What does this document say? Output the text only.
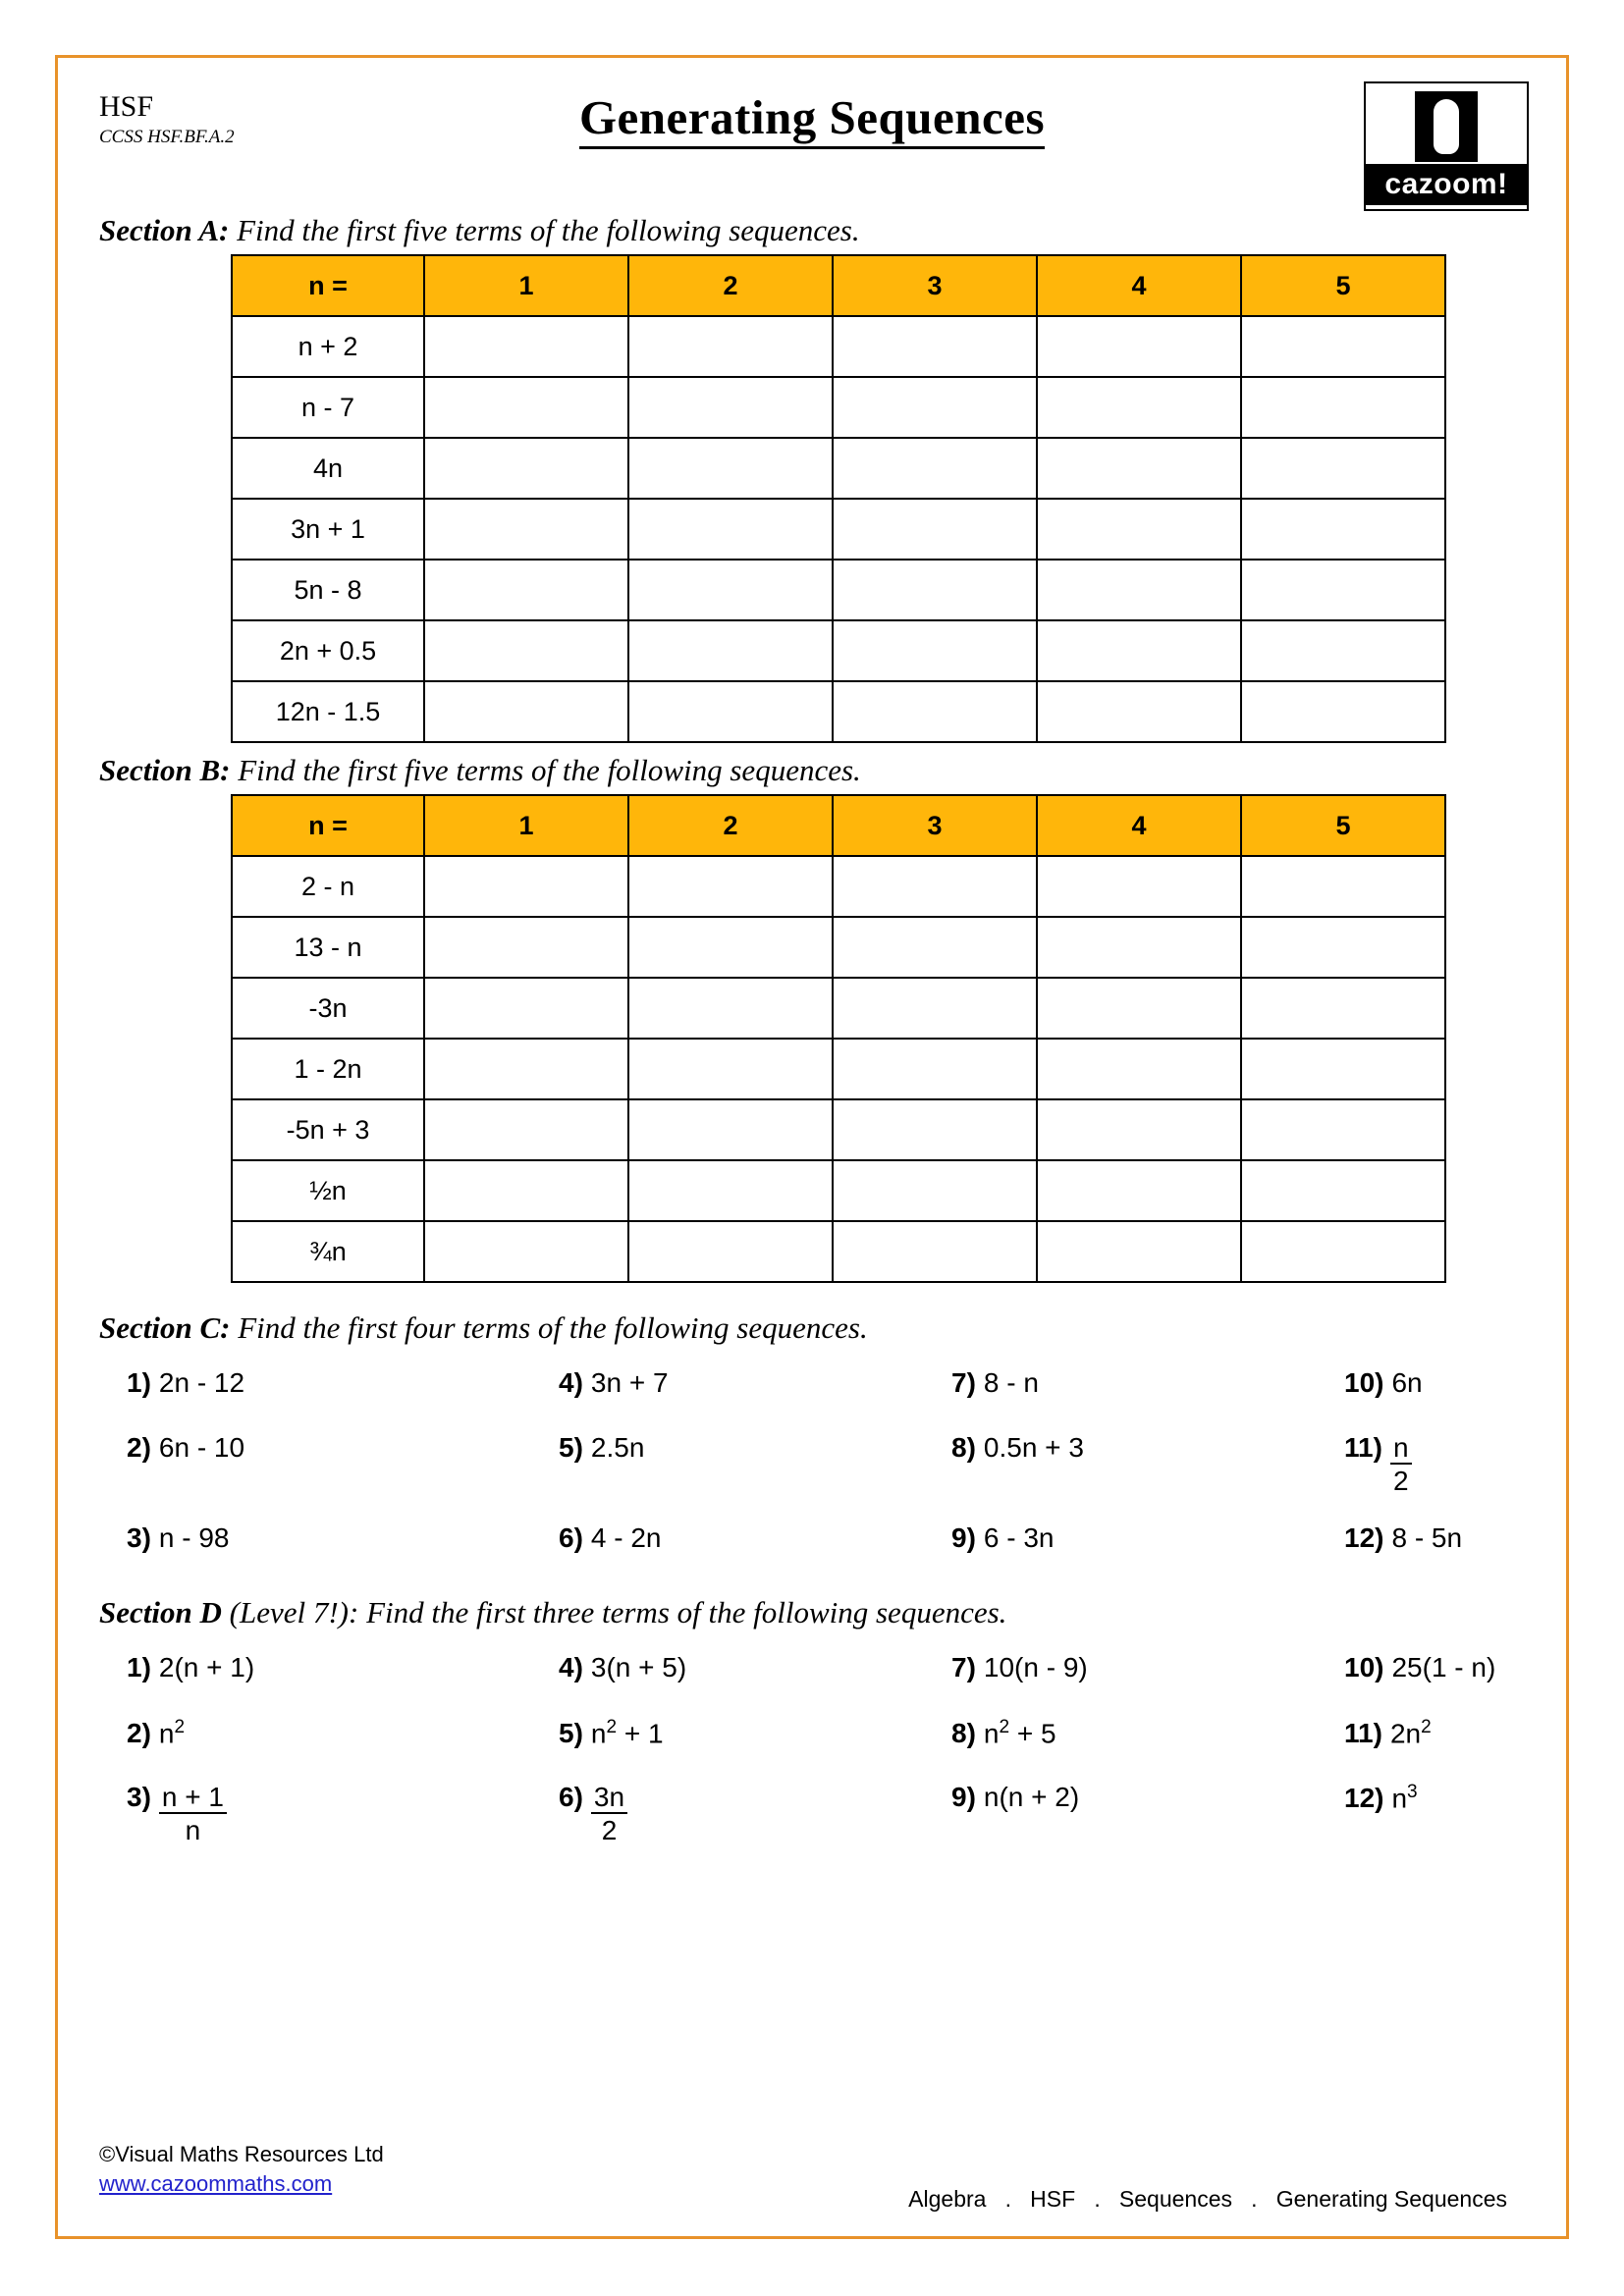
HSF
CCSS HSF.BF.A.2	Generating Sequences
cazoom!
Section A: Find the first five terms of the following sequences.
n =	1	2	3	4	5
n + 2					
n - 7					
4n					
3n + 1					
5n - 8					
2n + 0.5					
12n - 1.5					
Section B: Find the first five terms of the following sequences.
n =	1	2	3	4	5
2 - n					
13 - n					
-3n					
1 - 2n					
-5n + 3					
½n					
¾n					
Section C: Find the first four terms of the following sequences.
1) 2n - 12	4) 3n + 7	7) 8 - n	10) 6n
2) 6n - 10	5) 2.5n	8) 0.5n + 3	$11) \frac{n}{2}$
3) n - 98	6) 4 - 2n	9) 6 - 3n	12) 8 - 5n
Section D (Level 7!): Find the first three terms of the following sequences.
1) 2(n + 1)	4) 3(n + 5)	7) 10(n - 9)	10) 25(1 - n)
2) $n^2$	5) $n^2 + 1$	8) $n^2 + 5$	11) $2n^2$
$3) \frac{n + 1}{n}$	$6) \frac{3n}{2}$	9) n(n + 2)	12) $n^3$
©Visual Maths Resources Ltd
www.cazoommaths.com
Algebra   .   HSF   .   Sequences   .   Generating Sequences
